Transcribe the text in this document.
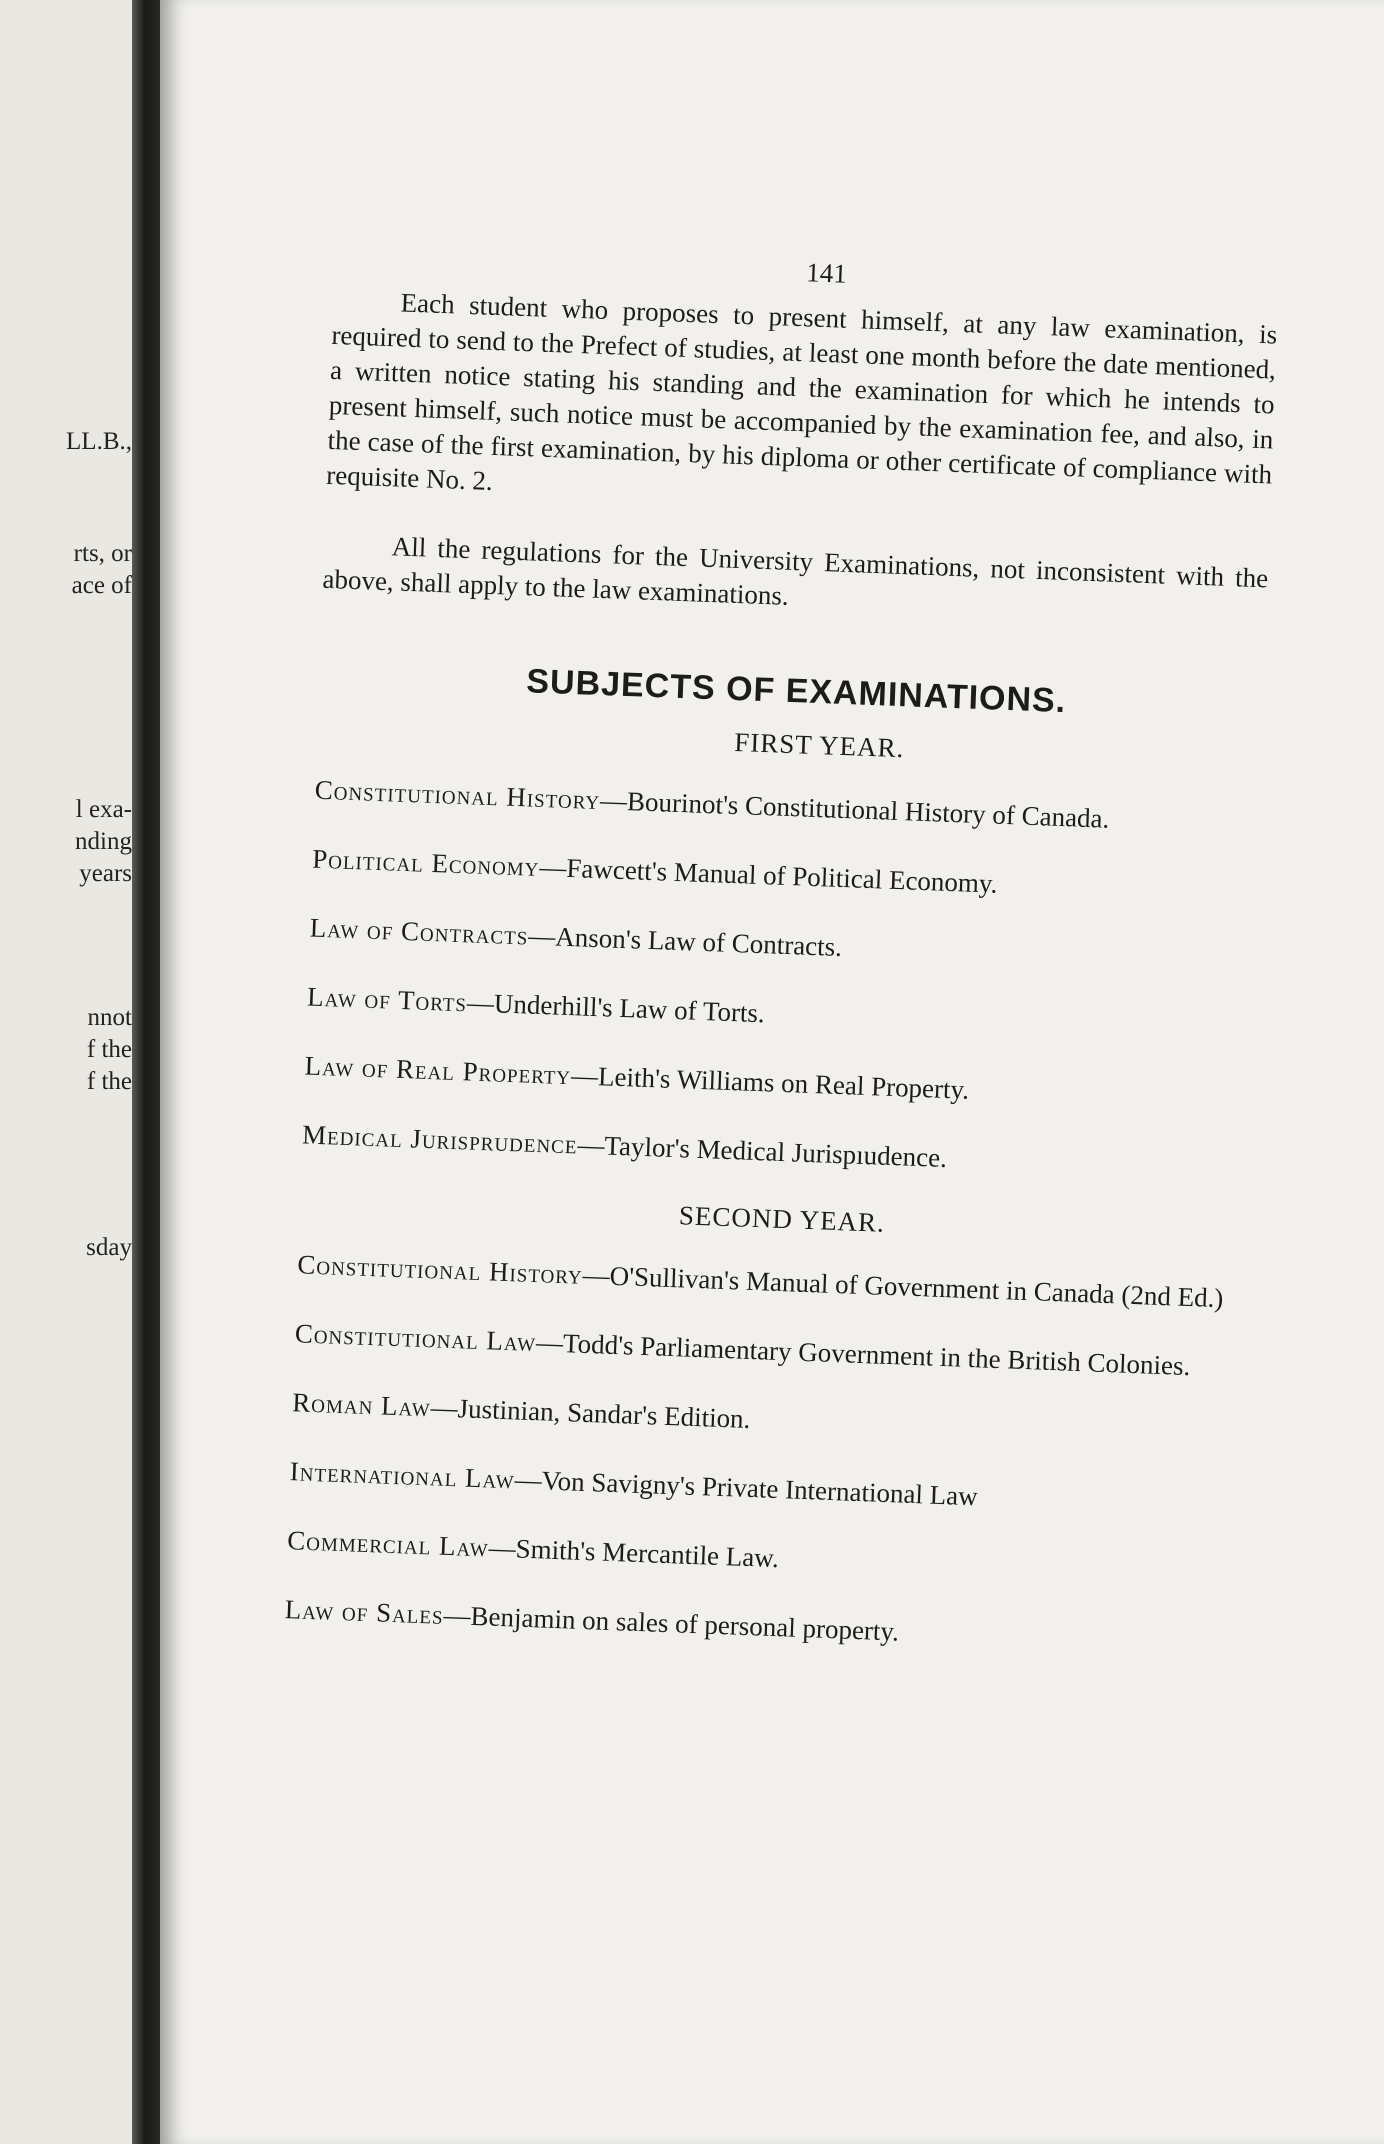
LL.B.,
rts, or
ace of
l exa-
nding
years
nnot
f the
f the
sday
141

Each student who proposes to present himself, at any law examination, is required to send to the Prefect of studies, at least one month before the date mentioned, a written notice stating his standing and the examination for which he intends to present himself, such notice must be accompanied by the examination fee, and also, in the case of the first examination, by his diploma or other certificate of compliance with requisite No. 2.

All the regulations for the University Examinations, not inconsistent with the above, shall apply to the law examinations.

SUBJECTS OF EXAMINATIONS.
FIRST YEAR.
Constitutional History—Bourinot's Constitutional History of Canada.
Political Economy—Fawcett's Manual of Political Economy.
Law of Contracts—Anson's Law of Contracts.
Law of Torts—Underhill's Law of Torts.
Law of Real Property—Leith's Williams on Real Property.
Medical Jurisprudence—Taylor's Medical Jurispıudence.
SECOND YEAR.
Constitutional History—O'Sullivan's Manual of Government in Canada (2nd Ed.)
Constitutional Law—Todd's Parliamentary Government in the British Colonies.
Roman Law—Justinian, Sandar's Edition.
International Law—Von Savigny's Private International Law
Commercial Law—Smith's Mercantile Law.
Law of Sales—Benjamin on sales of personal property.
